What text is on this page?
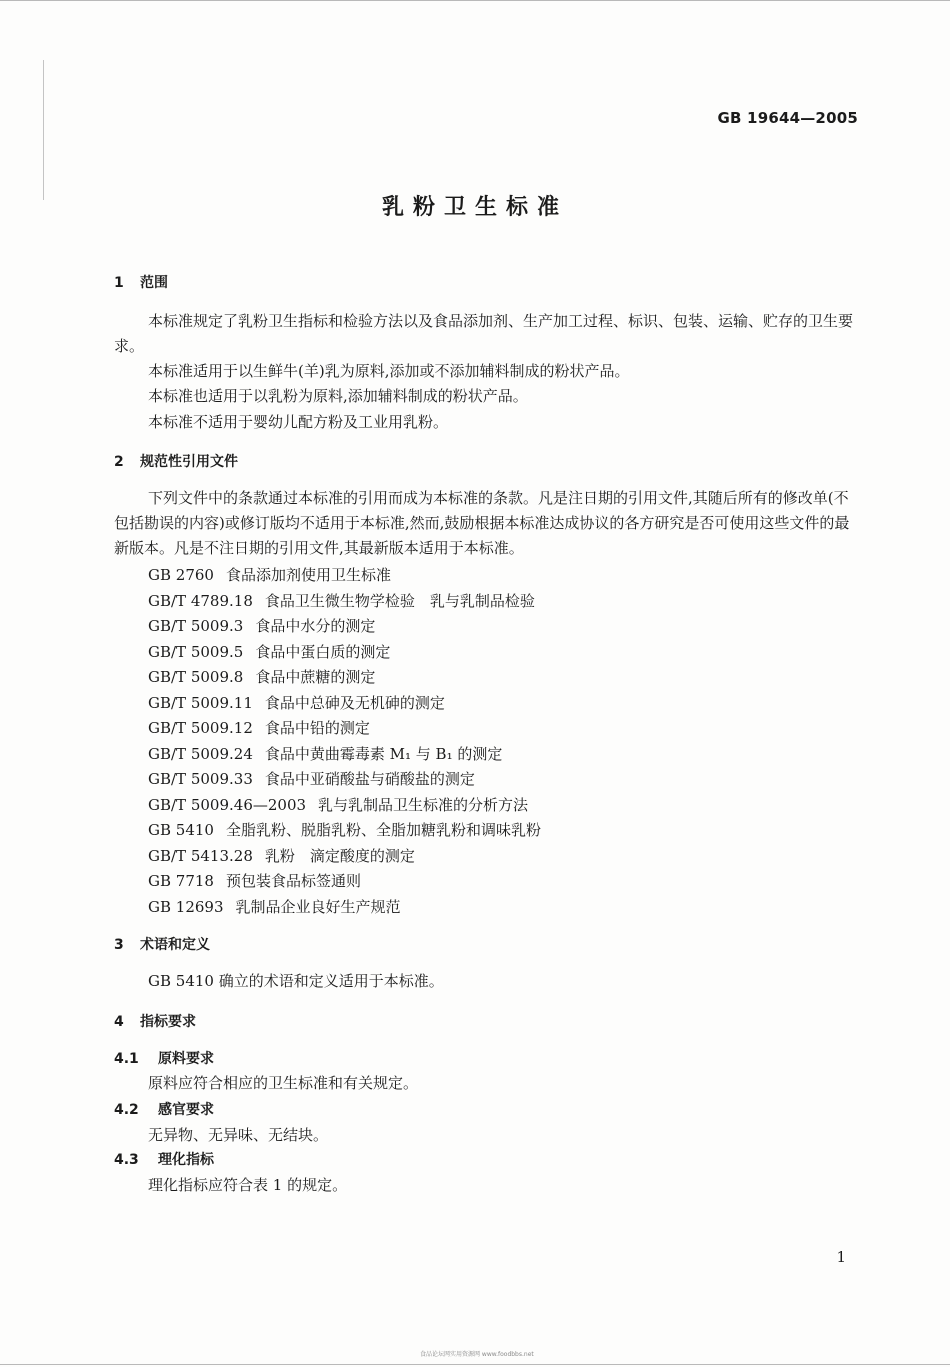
GB 19644—2005
乳粉卫生标准
1 范围
本标准规定了乳粉卫生指标和检验方法以及食品添加剂、生产加工过程、标识、包装、运输、贮存的卫生要求。
本标准适用于以生鲜牛(羊)乳为原料,添加或不添加辅料制成的粉状产品。
本标准也适用于以乳粉为原料,添加辅料制成的粉状产品。
本标准不适用于婴幼儿配方粉及工业用乳粉。
2 规范性引用文件
下列文件中的条款通过本标准的引用而成为本标准的条款。凡是注日期的引用文件,其随后所有的修改单(不包括勘误的内容)或修订版均不适用于本标准,然而,鼓励根据本标准达成协议的各方研究是否可使用这些文件的最新版本。凡是不注日期的引用文件,其最新版本适用于本标准。
GB 2760 食品添加剂使用卫生标准
GB/T 4789.18 食品卫生微生物学检验　乳与乳制品检验
GB/T 5009.3 食品中水分的测定
GB/T 5009.5 食品中蛋白质的测定
GB/T 5009.8 食品中蔗糖的测定
GB/T 5009.11 食品中总砷及无机砷的测定
GB/T 5009.12 食品中铅的测定
GB/T 5009.24 食品中黄曲霉毒素 M₁ 与 B₁ 的测定
GB/T 5009.33 食品中亚硝酸盐与硝酸盐的测定
GB/T 5009.46—2003 乳与乳制品卫生标准的分析方法
GB 5410 全脂乳粉、脱脂乳粉、全脂加糖乳粉和调味乳粉
GB/T 5413.28 乳粉　滴定酸度的测定
GB 7718 预包装食品标签通则
GB 12693 乳制品企业良好生产规范
3 术语和定义
GB 5410 确立的术语和定义适用于本标准。
4 指标要求
4.1 原料要求
原料应符合相应的卫生标准和有关规定。
4.2 感官要求
无异物、无异味、无结块。
4.3 理化指标
理化指标应符合表 1 的规定。
1
食品论坛网实用资源网 www.foodbbs.net
